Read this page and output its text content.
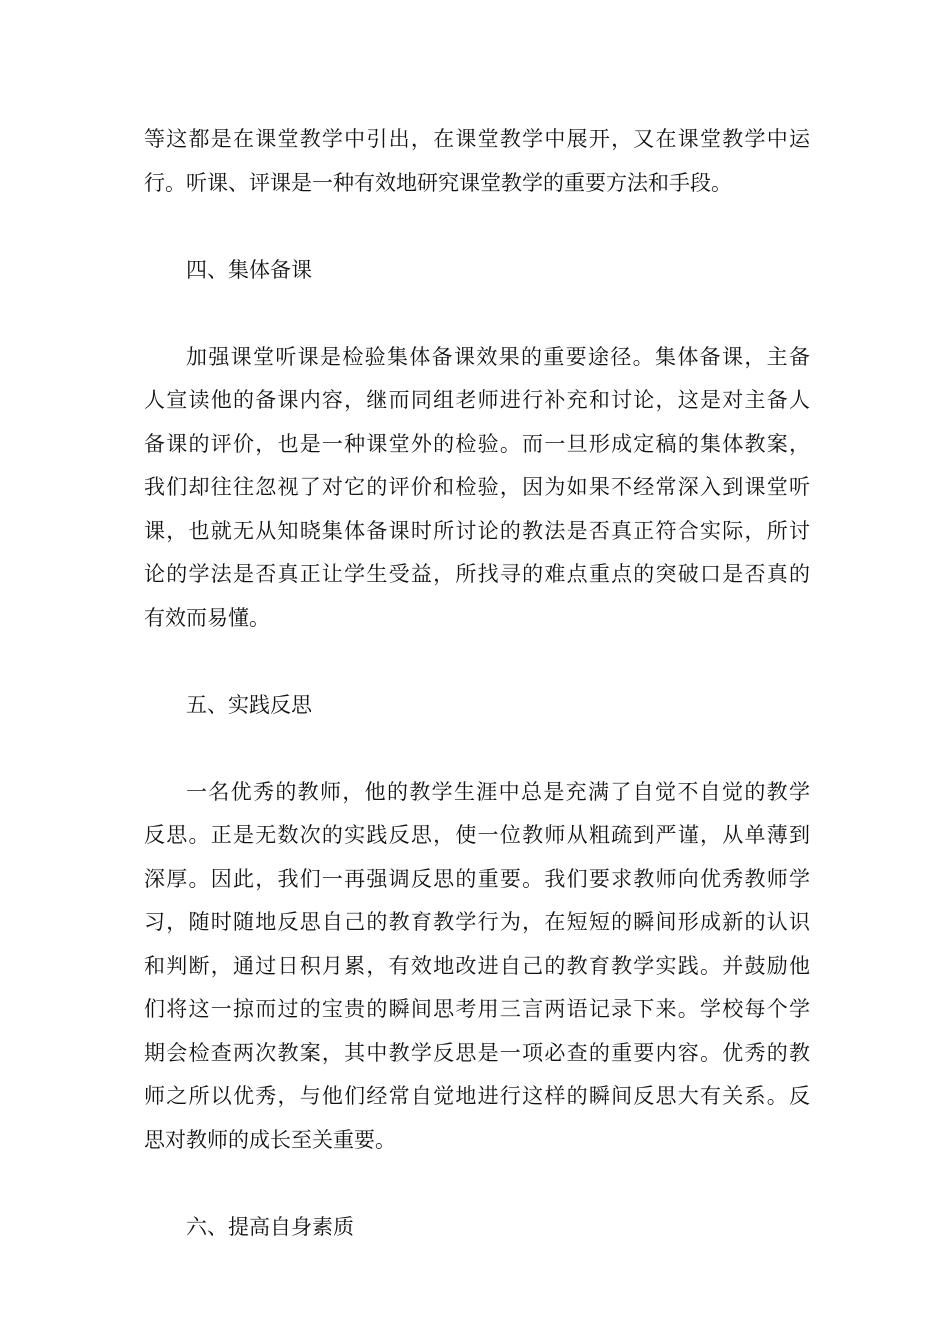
等这都是在课堂教学中引出，在课堂教学中展开，又在课堂教学中运
行。听课、评课是一种有效地研究课堂教学的重要方法和手段。
四、集体备课
加强课堂听课是检验集体备课效果的重要途径。集体备课，主备
人宣读他的备课内容，继而同组老师进行补充和讨论，这是对主备人
备课的评价，也是一种课堂外的检验。而一旦形成定稿的集体教案，
我们却往往忽视了对它的评价和检验，因为如果不经常深入到课堂听
课，也就无从知晓集体备课时所讨论的教法是否真正符合实际，所讨
论的学法是否真正让学生受益，所找寻的难点重点的突破口是否真的
有效而易懂。
五、实践反思
一名优秀的教师，他的教学生涯中总是充满了自觉不自觉的教学
反思。正是无数次的实践反思，使一位教师从粗疏到严谨，从单薄到
深厚。因此，我们一再强调反思的重要。我们要求教师向优秀教师学
习，随时随地反思自己的教育教学行为，在短短的瞬间形成新的认识
和判断，通过日积月累，有效地改进自己的教育教学实践。并鼓励他
们将这一掠而过的宝贵的瞬间思考用三言两语记录下来。学校每个学
期会检查两次教案，其中教学反思是一项必查的重要内容。优秀的教
师之所以优秀，与他们经常自觉地进行这样的瞬间反思大有关系。反
思对教师的成长至关重要。
六、提高自身素质
